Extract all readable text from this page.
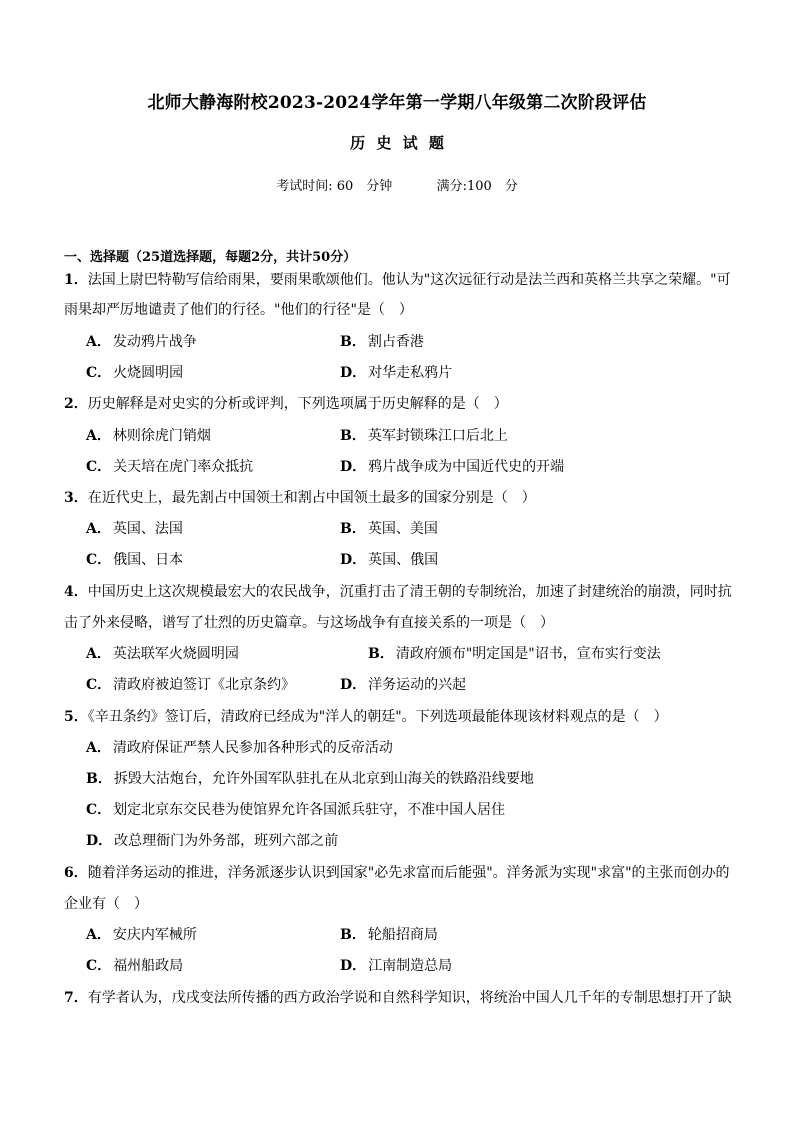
北师大静海附校2023-2024学年第一学期八年级第二次阶段评估
历 史 试 题
考试时间: 60　分钟	满分:100　分
一、选择题（25道选择题，每题2分，共计50分）
1．法国上尉巴特勒写信给雨果，要雨果歌颂他们。他认为"这次远征行动是法兰西和英格兰共享之荣耀。"可
雨果却严厉地谴责了他们的行径。"他们的行径"是（　）
A． 发动鸦片战争	B． 割占香港
C． 火烧圆明园	D． 对华走私鸦片
2．历史解释是对史实的分析或评判，下列选项属于历史解释的是（　）
A． 林则徐虎门销烟	B． 英军封锁珠江口后北上
C． 关天培在虎门率众抵抗	D． 鸦片战争成为中国近代史的开端
3．在近代史上，最先割占中国领土和割占中国领土最多的国家分别是（　）
A． 英国、法国	B． 英国、美国
C． 俄国、日本	D． 英国、俄国
4．中国历史上这次规模最宏大的农民战争，沉重打击了清王朝的专制统治，加速了封建统治的崩溃，同时抗
击了外来侵略，谱写了壮烈的历史篇章。与这场战争有直接关系的一项是（　）
A． 英法联军火烧圆明园	B． 清政府颁布"明定国是"诏书，宣布实行变法
C． 清政府被迫签订《北京条约》	D． 洋务运动的兴起
5．《辛丑条约》签订后，清政府已经成为"洋人的朝廷"。下列选项最能体现该材料观点的是（　）
A． 清政府保证严禁人民参加各种形式的反帝活动
B． 拆毁大沽炮台，允许外国军队驻扎在从北京到山海关的铁路沿线要地
C． 划定北京东交民巷为使馆界允许各国派兵驻守，不准中国人居住
D． 改总理衙门为外务部，班列六部之前
6．随着洋务运动的推进，洋务派逐步认识到国家"必先求富而后能强"。洋务派为实现"求富"的主张而创办的
企业有（　）
A． 安庆内军械所	B． 轮船招商局
C． 福州船政局	D． 江南制造总局
7．有学者认为，戊戌变法所传播的西方政治学说和自然科学知识，将统治中国人几千年的专制思想打开了缺
